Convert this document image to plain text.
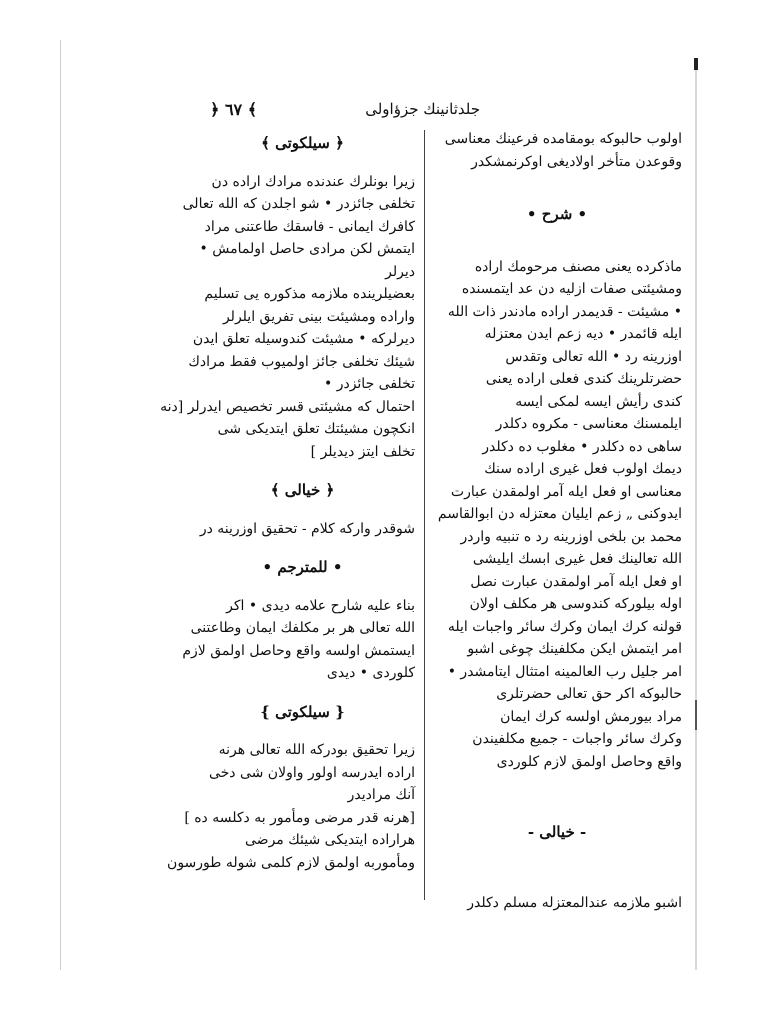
﴿ ٦٧ ﴾	جلدثانينك جزؤاولى
اولوب حالبوكه بومقامده فرعينك معناسى
وقوعدن متأخر اولاديغى اوكرنمشكدر
• شرح •
ماذكرده يعنى مصنف مرحومك اراده
ومشيئتى صفات ازليه دن عد ايتمسنده
• مشيئت - قديمدر اراده مادندر ذات الله
ايله قائمدر • ديه زعم ايدن معتزله
اوزرينه رد • الله تعالى وتقدس
حضرتلرينك كندى فعلى اراده يعنى
كندى رأيش ايسه لمكى ايسه
ايلمسنك معناسى - مكروه دكلدر
ساهى ده دكلدر • مغلوب ده دكلدر
ديمك اولوب فعل غيرى اراده سنك
معناسى او فعل ايله آمر اولمقدن عبارت
ايدوكنى „ زعم ايليان معتزله دن ابوالقاسم
محمد بن بلخى اوزرينه رد ه تنبيه واردر
الله تعالينك فعل غيرى ابسك ايليشى
او فعل ايله آمر اولمقدن عبارت نصل
اوله بيلوركه كندوسى هر مكلف اولان
قولنه كرك ايمان وكرك سائر واجبات ايله
امر ايتمش ايكن مكلفينك چوغى اشبو
امر جليل رب العالمينه امتثال ايتامشدر •
حالبوكه اكر حق تعالى حضرتلرى
مراد بيورمش اولسه كرك ايمان
وكرك سائر واجبات - جميع مكلفيندن
واقع وحاصل اولمق لازم كلوردى
- خيالى -
اشبو ملازمه عندالمعتزله مسلم دكلدر
﴿ سيلكوتى ﴾
زيرا بونلرك عندنده مرادك اراده دن
تخلفى جائزدر • شو اجلدن كه الله تعالى
كافرك ايمانى - فاسقك طاعتنى مراد
ايتمش لكن مرادى حاصل اولمامش •
ديرلر
بعضيلرينده ملازمه مذكوره يى تسليم
واراده ومشيئت بينى تفريق ايلرلر
ديرلركه • مشيئت كندوسيله تعلق ايدن
شيئك تخلفى جائز اولميوب فقط مرادك
تخلفى جائزدر •
احتمال كه مشيئتى قسر تخصيص ايدرلر [دنه
انكچون مشيئتك تعلق ايتديكى شى
تخلف ايتز ديديلر ]
﴿ خيالى ﴾
شوقدر واركه كلام - تحقيق اوزرينه در
• للمترجم •
بناء عليه شارح علامه ديدى • اكر
الله تعالى هر بر مكلفك ايمان وطاعتنى
ايستمش اولسه واقع وحاصل اولمق لازم
كلوردى • ديدى
{ سيلكوتى }
زيرا تحقيق بودركه الله تعالى هرنه
اراده ايدرسه اولور واولان شى دخى
آنك مراديدر
[هرنه قدر مرضى ومأمور به دكلسه ده ]
هراراده ايتديكى شيئك مرضى
ومأموربه اولمق لازم كلمى شوله طورسون
